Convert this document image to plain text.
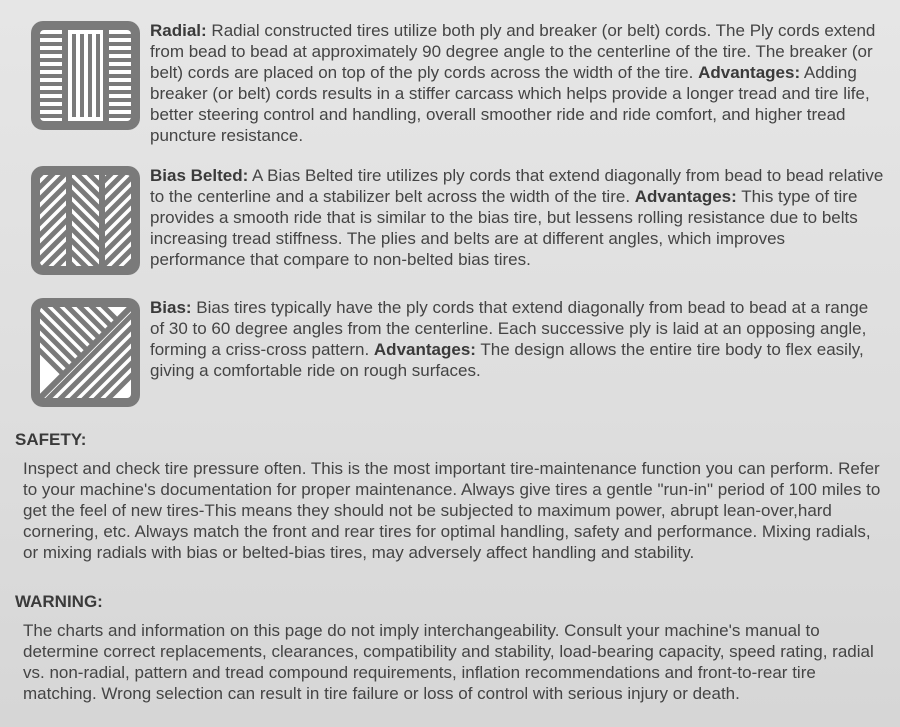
Radial: Radial constructed tires utilize both ply and breaker (or belt) cords. The Ply cords extend from bead to bead at approximately 90 degree angle to the centerline of the tire. The breaker (or belt) cords are placed on top of the ply cords across the width of the tire. Advantages: Adding breaker (or belt) cords results in a stiffer carcass which helps provide a longer tread and tire life, better steering control and handling, overall smoother ride and ride comfort, and higher tread puncture resistance.
Bias Belted: A Bias Belted tire utilizes ply cords that extend diagonally from bead to bead relative to the centerline and a stabilizer belt across the width of the tire. Advantages: This type of tire provides a smooth ride that is similar to the bias tire, but lessens rolling resistance due to belts increasing tread stiffness. The plies and belts are at different angles, which improves performance that compare to non-belted bias tires.
Bias: Bias tires typically have the ply cords that extend diagonally from bead to bead at a range of 30 to 60 degree angles from the centerline. Each successive ply is laid at an opposing angle, forming a criss-cross pattern. Advantages: The design allows the entire tire body to flex easily, giving a comfortable ride on rough surfaces.
SAFETY:
Inspect and check tire pressure often. This is the most important tire-maintenance function you can perform. Refer to your machine's documentation for proper maintenance. Always give tires a gentle "run-in" period of 100 miles to get the feel of new tires-This means they should not be subjected to maximum power, abrupt lean-over,hard cornering, etc. Always match the front and rear tires for optimal handling, safety and performance. Mixing radials, or mixing radials with bias or belted-bias tires, may adversely affect handling and stability.
WARNING:
The charts and information on this page do not imply interchangeability. Consult your machine's manual to determine correct replacements, clearances, compatibility and stability, load-bearing capacity, speed rating, radial vs. non-radial, pattern and tread compound requirements, inflation recommendations and front-to-rear tire matching. Wrong selection can result in tire failure or loss of control with serious injury or death.
